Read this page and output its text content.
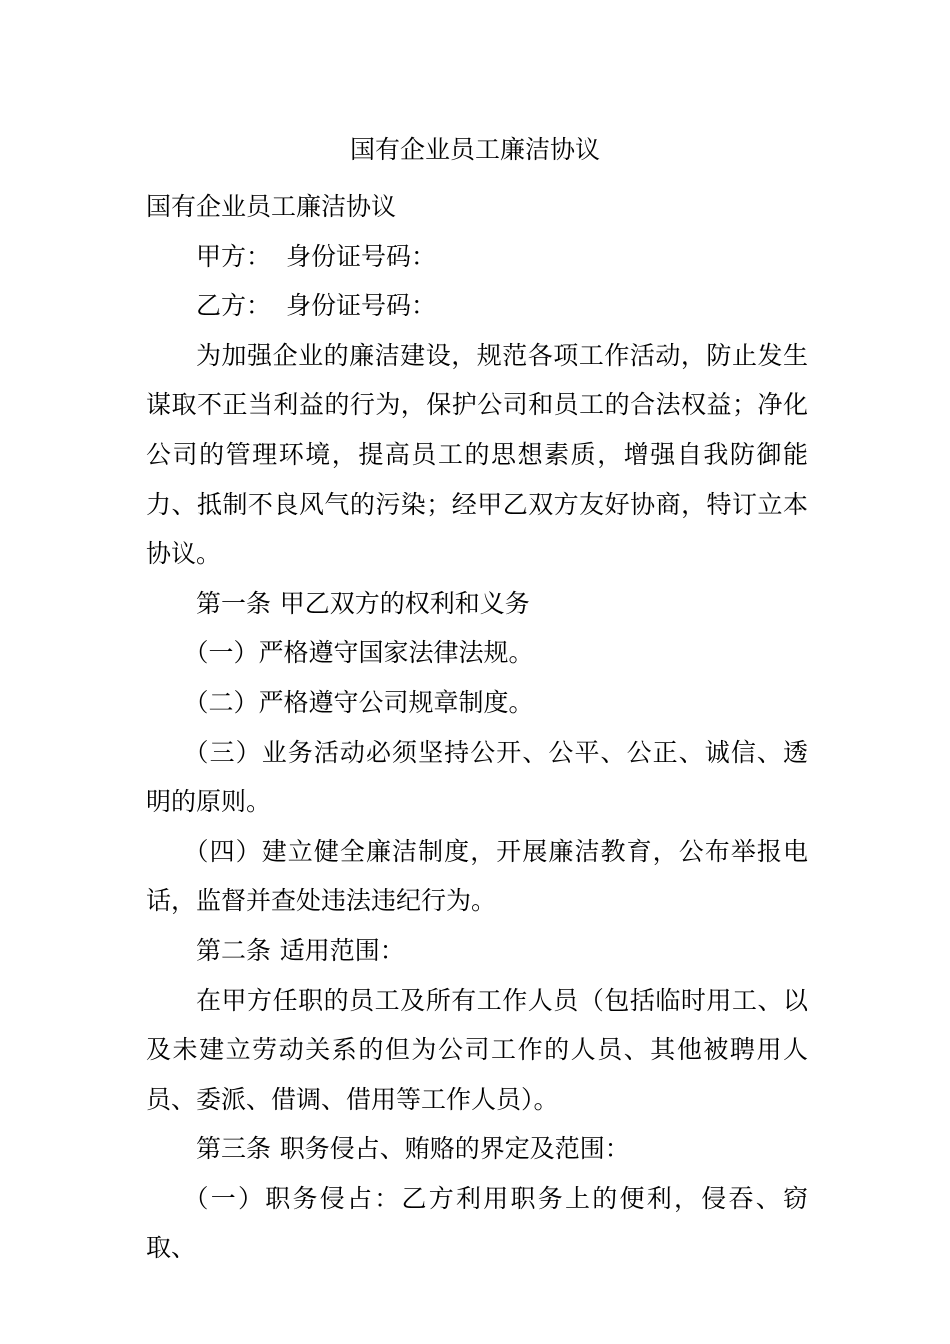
国有企业员工廉洁协议

国有企业员工廉洁协议

甲方： 身份证号码：

乙方： 身份证号码：

为加强企业的廉洁建设，规范各项工作活动，防止发生谋取不正当利益的行为，保护公司和员工的合法权益；净化公司的管理环境，提高员工的思想素质，增强自我防御能力、抵制不良风气的污染；经甲乙双方友好协商，特订立本协议。

第一条 甲乙双方的权利和义务

（一）严格遵守国家法律法规。

（二）严格遵守公司规章制度。

（三）业务活动必须坚持公开、公平、公正、诚信、透明的原则。

（四）建立健全廉洁制度，开展廉洁教育，公布举报电话，监督并查处违法违纪行为。

第二条 适用范围：

在甲方任职的员工及所有工作人员（包括临时用工、以及未建立劳动关系的但为公司工作的人员、其他被聘用人员、委派、借调、借用等工作人员）。

第三条 职务侵占、贿赂的界定及范围：

（一）职务侵占：乙方利用职务上的便利，侵吞、窃取、
